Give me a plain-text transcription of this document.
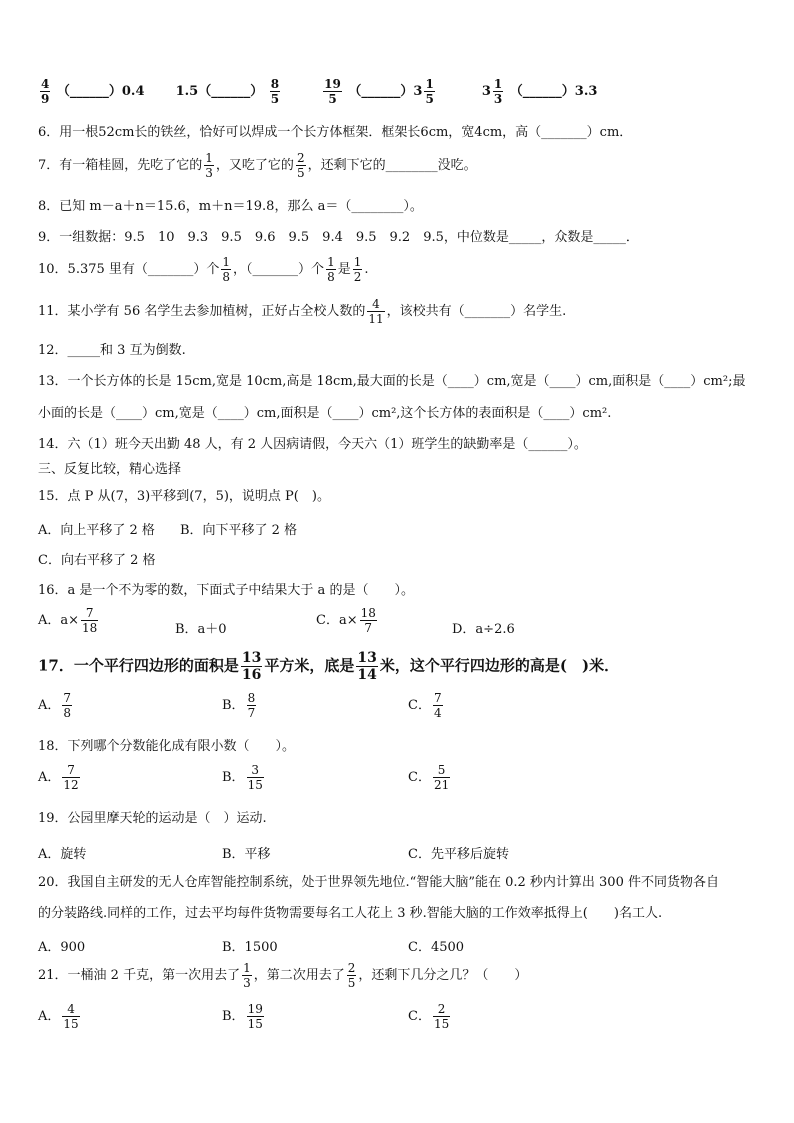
$\frac{4}{9}$ （______）0.4 1.5（______） $\frac{8}{5}$
	$\frac{19}{5}$ （______）3 $\frac{1}{5}$	$3 \frac{1}{3}$ （______）3.3
6．用一根52cm长的铁丝，恰好可以焊成一个长方体框架．框架长6cm，宽4cm，高（_______）cm．
7．有一箱桂圆，先吃了它的 $\frac{1}{3}$ ，又吃了它的 $\frac{2}{5}$ ，还剩下它的________没吃。
8．已知 m－a＋n＝15.6，m＋n＝19.8，那么 a＝（________）。
9．一组数据：9.5　10　9.3　9.5　9.6　9.5　9.4　9.5　9.2　9.5，中位数是_____，众数是_____．
10．5.375 里有（_______）个 $\frac{1}{8}$ ，（_______）个 $\frac{1}{8}$ 是 $\frac{1}{2}$ .
11．某小学有 56 名学生去参加植树，正好占全校人数的 $\frac{4}{11}$ ，该校共有（_______）名学生.
12．_____和 3 互为倒数.
13．一个长方体的长是 15cm,宽是 10cm,高是 18cm,最大面的长是（____）cm,宽是（____）cm,面积是（____）cm²;最
小面的长是（____）cm,宽是（____）cm,面积是（____）cm²,这个长方体的表面积是（____）cm².
14．六（1）班今天出勤 48 人，有 2 人因病请假，今天六（1）班学生的缺勤率是（______）。
三、反复比较，精心选择
15．点 P 从(7，3)平移到(7，5)，说明点 P(　)。
A．向上平移了 2 格 B．向下平移了 2 格
C．向右平移了 2 格
16．a 是一个不为零的数，下面式子中结果大于 a 的是（　　）。
A．$a\times \frac{7}{18}$	B．a＋0
C．$a\times \frac{18}{7}$	D．a÷2.6
17．一个平行四边形的面积是 $\frac{13}{16}$ 平方米，底是 $\frac{13}{14}$ 米，这个平行四边形的高是(　)米．
A． $\frac{7}{8}$	B． $\frac{8}{7}$	C． $\frac{7}{4}$
18．下列哪个分数能化成有限小数（　　）。
A． $\frac{7}{12}$	B． $\frac{3}{15}$	C． $\frac{5}{21}$
19．公园里摩天轮的运动是（　）运动.
A．旋转	B．平移	C．先平移后旋转
20．我国自主研发的无人仓库智能控制系统，处于世界领先地位.“智能大脑”能在 0.2 秒内计算出 300 件不同货物各自
的分装路线.同样的工作，过去平均每件货物需要每名工人花上 3 秒.智能大脑的工作效率抵得上(　　)名工人.
A．900	B．1500	C．4500
21．一桶油 2 千克，第一次用去了 $\frac{1}{3}$ ，第二次用去了 $\frac{2}{5}$ ，还剩下几分之几？（　　）
A． $\frac{4}{15}$	B． $\frac{19}{15}$	C． $\frac{2}{15}$
